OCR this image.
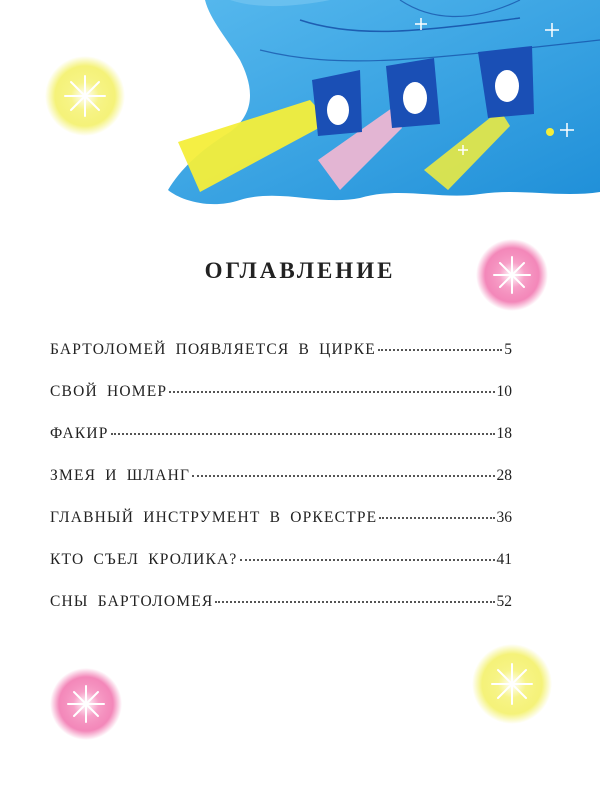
ОГЛАВЛЕНИЕ
БАРТОЛОМЕЙ ПОЯВЛЯЕТСЯ В ЦИРКЕ	5
СВОЙ НОМЕР	10
ФАКИР	18
ЗМЕЯ И ШЛАНГ	28
ГЛАВНЫЙ ИНСТРУМЕНТ В ОРКЕСТРЕ	36
КТО СЪЕЛ КРОЛИКА?	41
СНЫ БАРТОЛОМЕЯ	52
